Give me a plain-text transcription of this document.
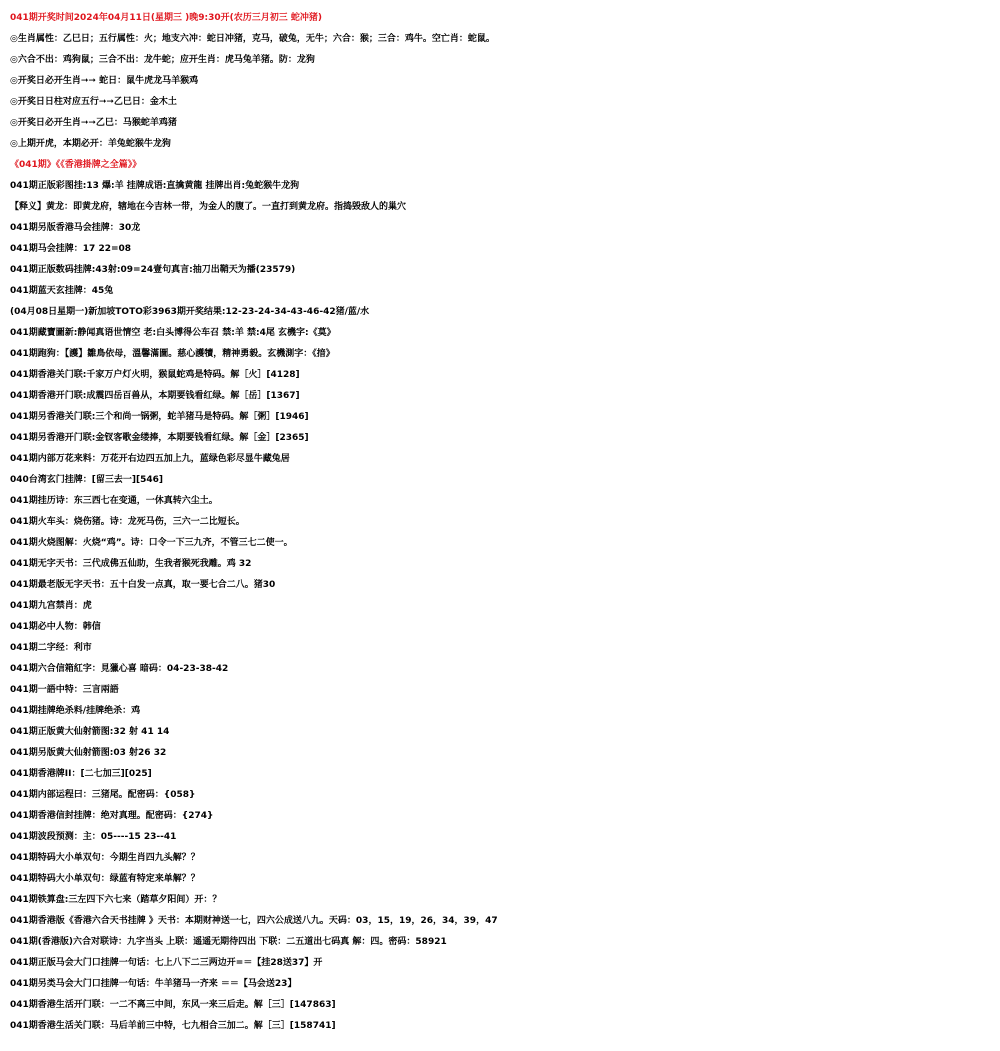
041期开奖时间2024年04月11日(星期三 )晚9:30开(农历三月初三 蛇冲猪)
◎生肖属性：乙巳日；五行属性：火；地支六冲：蛇日冲猪，克马，破兔，无牛；六合：猴；三合：鸡牛。空亡肖：蛇鼠。
◎六合不出：鸡狗鼠；三合不出：龙牛蛇；应开生肖：虎马兔羊猪。防：龙狗
◎开奖日必开生肖➞➞ 蛇日：鼠牛虎龙马羊猴鸡
◎开奖日日柱对应五行➞➞乙巳日：金木土
◎开奖日必开生肖➞➞乙巳：马猴蛇羊鸡猪
◎上期开虎，本期必开：羊兔蛇猴牛龙狗
《041期》《《香港掛牌之全篇》》
041期正版彩图挂:13 爆:羊 挂牌成语:直擒黄龍 挂牌出肖:兔蛇猴牛龙狗
【释义】黄龙：即黄龙府，辖地在今吉林一带，为金人的腹了。一直打到黄龙府。指捣毁敌人的巢穴
041期另版香港马会挂牌：30龙
041期马会挂牌：17 22=08
041期正版数码挂牌:43射:09=24壹句真言:抽刀出鞘天为播(23579)
041期蓝天玄挂牌：45兔
(04月08日星期一)新加坡TOTO彩3963期开奖结果:12-23-24-34-43-46-42猪/蓝/水
041期藏寶圖新:静闻真语世情空 老:白头博得公车召 禁:羊 禁:4尾 玄機字:《莫》
041期跑狗：【護】雛鳥依母，溫馨滿圖。慈心護犢，精神勇毅。玄機測字：《揞》
041期香港关门联:千家万户灯火明，猴鼠蛇鸡是特码。解［火］[4128]
041期香港开门联:成震四岳百兽从，本期要钱看红绿。解［岳］[1367]
041期另香港关门联:三个和尚一锅粥，蛇羊猪马是特码。解［粥］[1946]
041期另香港开门联:金钗客歌金缕捧，本期要钱看红绿。解［金］[2365]
041期内部万花来料：万花开右边四五加上九，蓝绿色彩尽显牛藏兔居
040台湾玄门挂牌：[留三去一][546]
041期挂历诗：东三西七在变通，一休真转六尘土。
041期火车头：烧伤猪。诗：龙死马伤，三六一二比短长。
041期火烧图解：火烧“鸡”。诗：口令一下三九齐，不管三七二使一。
041期无字天书：三代成佛五仙助，生我者猴死我雕。鸡 32
041期最老版无字天书：五十白发一点真，取一要七合二八。猪30
041期九宫禁肖：虎
041期必中人物：韩信
041期二字经：利市
041期六合信箱紅字：見獵心喜 暗码：04-23-38-42
041期一語中特：三言兩語
041期挂牌绝杀料/挂牌绝杀：鸡
041期正版黄大仙射箭图:32 射 41 14
041期另版黄大仙射箭图:03 射26 32
041期香港牌II：[二七加三][025]
041期内部运程曰：三猪尾。配密码：{058}
041期香港信封挂牌：绝对真理。配密码：{274}
041期波段预测：主：05----15 23--41
041期特码大小单双句：今期生肖四九头解？？
041期特码大小单双句：绿蓝有特定来单解？？
041期铁算盘:三左四下六七来（踏草夕阳间）开：？
041期香港版《香港六合天书挂牌 》天书：本期财神送一七，四六公成送八九。天码：03，15，19，26，34，39，47
041期(香港版)六合对联诗：九字当头 上联：遥遥无期待四出 下联：二五道出七码真 解：四。密码：58921
041期正版马会大门口挂牌一句话：七上八下二三两边开=＝【挂28送37】开
041期另类马会大门口挂牌一句话：牛羊猪马一齐来 ＝＝【马会送23】
041期香港生活开门联：一二不离三中间，东风一来三后走。解［三］[147863]
041期香港生活关门联：马后羊前三中特，七九相合三加二。解［三］[158741]
